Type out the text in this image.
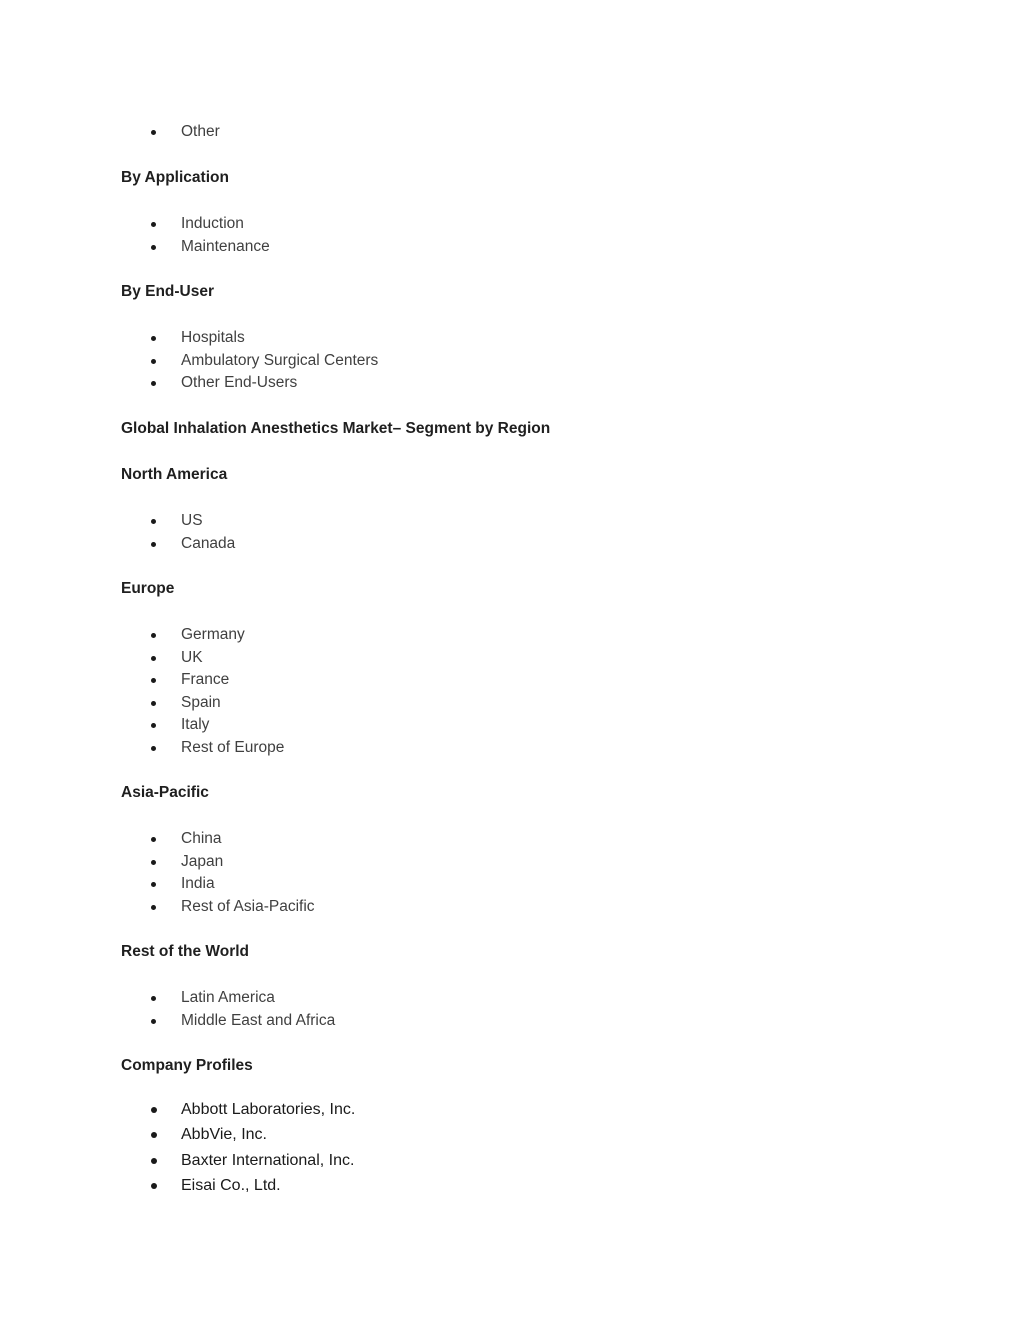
Other
By Application
Induction
Maintenance
By End-User
Hospitals
Ambulatory Surgical Centers
Other End-Users
Global Inhalation Anesthetics Market– Segment by Region
North America
US
Canada
Europe
Germany
UK
France
Spain
Italy
Rest of Europe
Asia-Pacific
China
Japan
India
Rest of Asia-Pacific
Rest of the World
Latin America
Middle East and Africa
Company Profiles
Abbott Laboratories, Inc.
AbbVie, Inc.
Baxter International, Inc.
Eisai Co., Ltd.
